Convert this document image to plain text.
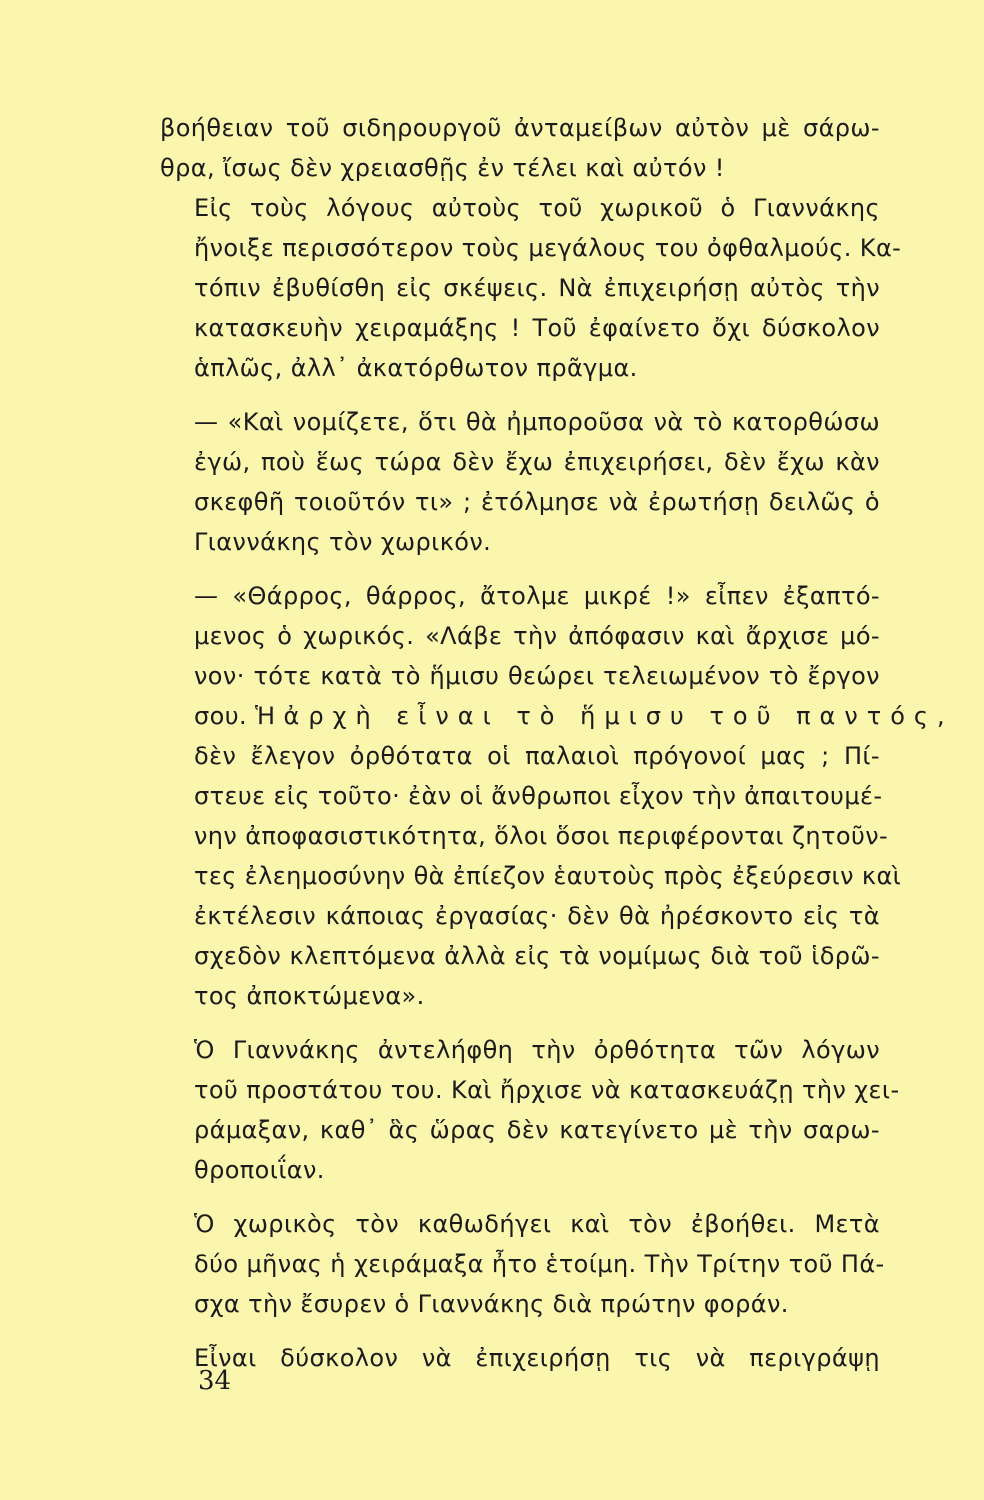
βοήθειαν τοῦ σιδηρουργοῦ ἀνταμείβων αὐτὸν μὲ σάρω-
θρα, ἴσως δὲν χρειασθῇς ἐν τέλει καὶ αὐτόν !
Εἰς τοὺς λόγους αὐτοὺς τοῦ χωρικοῦ ὁ Γιαννάκης
ἤνοιξε περισσότερον τοὺς μεγάλους του ὀφθαλμούς. Κα-
τόπιν ἐβυθίσθη εἰς σκέψεις. Νὰ ἐπιχειρήσῃ αὐτὸς τὴν
κατασκευὴν χειραμάξης ! Τοῦ ἐφαίνετο ὄχι δύσκολον
ἁπλῶς, ἀλλ᾽ ἀκατόρθωτον πρᾶγμα.
— «Καὶ νομίζετε, ὅτι θὰ ἠμποροῦσα νὰ τὸ κατορθώσω
ἐγώ, ποὺ ἕως τώρα δὲν ἔχω ἐπιχειρήσει, δὲν ἔχω κὰν
σκεφθῆ τοιοῦτόν τι» ; ἐτόλμησε νὰ ἐρωτήσῃ δειλῶς ὁ
Γιαννάκης τὸν χωρικόν.
— «Θάρρος, θάρρος, ἄτολμε μικρέ !» εἶπεν ἐξαπτό-
μενος ὁ χωρικός. «Λάβε τὴν ἀπόφασιν καὶ ἄρχισε μό-
νον· τότε κατὰ τὸ ἥμισυ θεώρει τελειωμένον τὸ ἔργον
σου. Ἡ ἀρχὴ εἶναι τὸ ἥμισυ τοῦ παντός,
δὲν ἔλεγον ὀρθότατα οἱ παλαιοὶ πρόγονοί μας ; Πί-
στευε εἰς τοῦτο· ἐὰν οἱ ἄνθρωποι εἶχον τὴν ἀπαιτουμέ-
νην ἀποφασιστικότητα, ὅλοι ὅσοι περιφέρονται ζητοῦν-
τες ἐλεημοσύνην θὰ ἐπίεζον ἑαυτοὺς πρὸς ἐξεύρεσιν καὶ
ἐκτέλεσιν κάποιας ἐργασίας· δὲν θὰ ἠρέσκοντο εἰς τὰ
σχεδὸν κλεπτόμενα ἀλλὰ εἰς τὰ νομίμως διὰ τοῦ ἱδρῶ-
τος ἀποκτώμενα».
Ὁ Γιαννάκης ἀντελήφθη τὴν ὀρθότητα τῶν λόγων
τοῦ προστάτου του. Καὶ ἤρχισε νὰ κατασκευάζῃ τὴν χει-
ράμαξαν, καθ᾽ ἃς ὥρας δὲν κατεγίνετο μὲ τὴν σαρω-
θροποιΐαν.
Ὁ χωρικὸς τὸν καθωδήγει καὶ τὸν ἐβοήθει. Μετὰ
δύο μῆνας ἡ χειράμαξα ἦτο ἑτοίμη. Τὴν Τρίτην τοῦ Πά-
σχα τὴν ἔσυρεν ὁ Γιαννάκης διὰ πρώτην φοράν.
Εἶναι δύσκολον νὰ ἐπιχειρήσῃ τις νὰ περιγράψῃ
34
